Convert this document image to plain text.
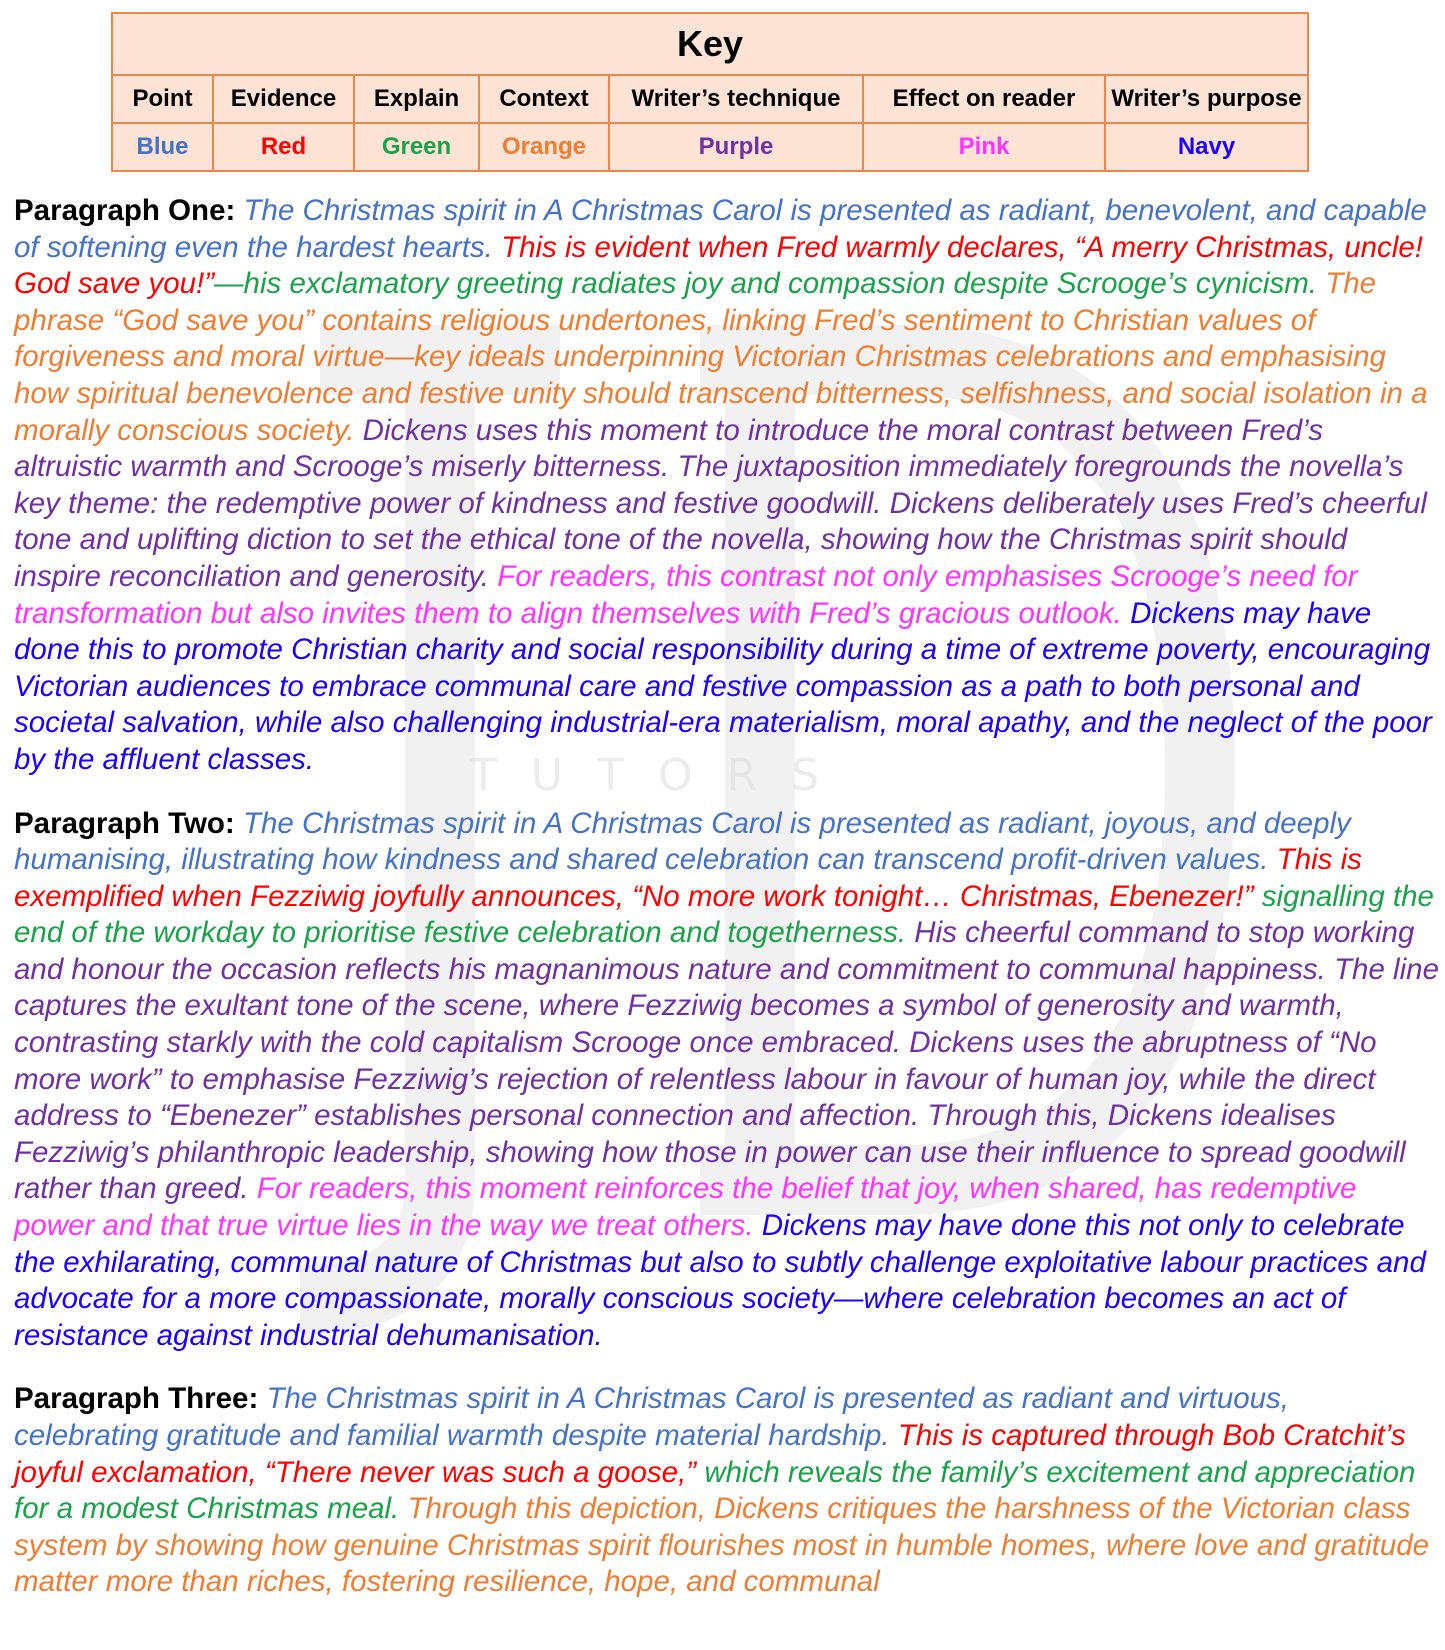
TUTORS
Key						
Point	Evidence	Explain	Context	Writer’s technique	Effect on reader	Writer’s purpose
Blue	Red	Green	Orange	Purple	Pink	Navy

Paragraph One: The Christmas spirit in A Christmas Carol is presented as radiant, benevolent, and capable of softening even the hardest hearts. This is evident when Fred warmly declares, “A merry Christmas, uncle! God save you!”—his exclamatory greeting radiates joy and compassion despite Scrooge’s cynicism. The phrase “God save you” contains religious undertones, linking Fred’s sentiment to Christian values of forgiveness and moral virtue—key ideals underpinning Victorian Christmas celebrations and emphasising how spiritual benevolence and festive unity should transcend bitterness, selfishness, and social isolation in a morally conscious society. Dickens uses this moment to introduce the moral contrast between Fred’s altruistic warmth and Scrooge’s miserly bitterness. The juxtaposition immediately foregrounds the novella’s key theme: the redemptive power of kindness and festive goodwill. Dickens deliberately uses Fred’s cheerful tone and uplifting diction to set the ethical tone of the novella, showing how the Christmas spirit should inspire reconciliation and generosity. For readers, this contrast not only emphasises Scrooge’s need for transformation but also invites them to align themselves with Fred’s gracious outlook. Dickens may have done this to promote Christian charity and social responsibility during a time of extreme poverty, encouraging Victorian audiences to embrace communal care and festive compassion as a path to both personal and societal salvation, while also challenging industrial-era materialism, moral apathy, and the neglect of the poor by the affluent classes.

Paragraph Two: The Christmas spirit in A Christmas Carol is presented as radiant, joyous, and deeply humanising, illustrating how kindness and shared celebration can transcend profit-driven values. This is exemplified when Fezziwig joyfully announces, “No more work tonight… Christmas, Ebenezer!” signalling the end of the workday to prioritise festive celebration and togetherness. His cheerful command to stop working and honour the occasion reflects his magnanimous nature and commitment to communal happiness. The line captures the exultant tone of the scene, where Fezziwig becomes a symbol of generosity and warmth, contrasting starkly with the cold capitalism Scrooge once embraced. Dickens uses the abruptness of “No more work” to emphasise Fezziwig’s rejection of relentless labour in favour of human joy, while the direct address to “Ebenezer” establishes personal connection and affection. Through this, Dickens idealises Fezziwig’s philanthropic leadership, showing how those in power can use their influence to spread goodwill rather than greed. For readers, this moment reinforces the belief that joy, when shared, has redemptive power and that true virtue lies in the way we treat others. Dickens may have done this not only to celebrate the exhilarating, communal nature of Christmas but also to subtly challenge exploitative labour practices and advocate for a more compassionate, morally conscious society—where celebration becomes an act of resistance against industrial dehumanisation.

Paragraph Three: The Christmas spirit in A Christmas Carol is presented as radiant and virtuous, celebrating gratitude and familial warmth despite material hardship. This is captured through Bob Cratchit’s joyful exclamation, “There never was such a goose,” which reveals the family’s excitement and appreciation for a modest Christmas meal. Through this depiction, Dickens critiques the harshness of the Victorian class system by showing how genuine Christmas spirit flourishes most in humble homes, where love and gratitude matter more than riches, fostering resilience, hope, and communal
